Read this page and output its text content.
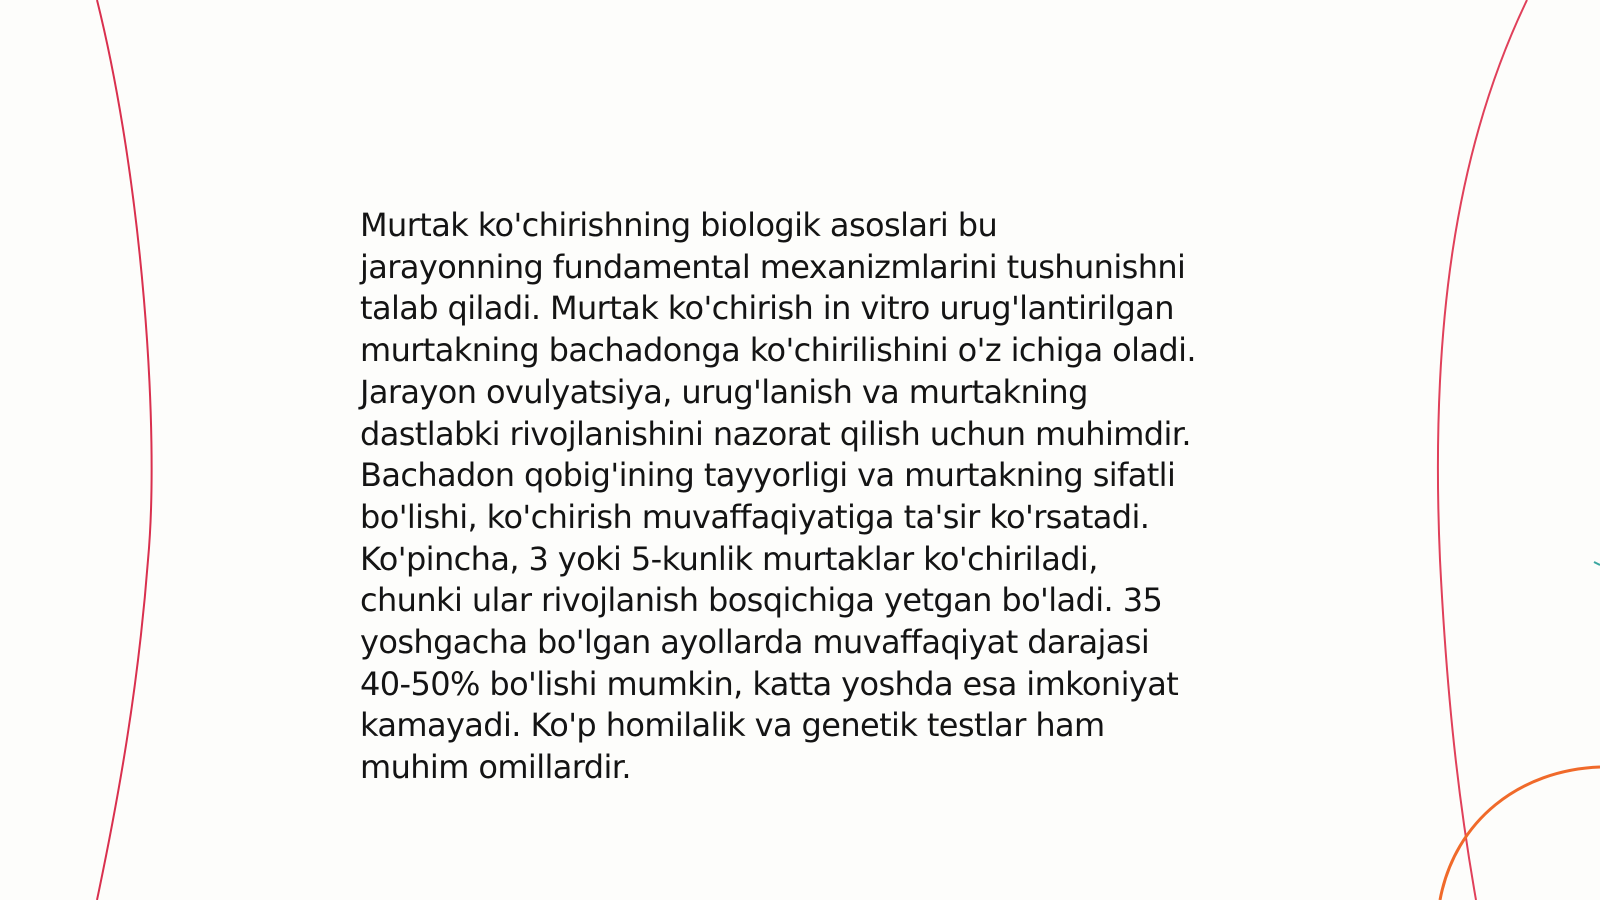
Murtak ko'chirishning biologik asoslari bu
jarayonning fundamental mexanizmlarini tushunishni
talab qiladi. Murtak ko'chirish in vitro urug'lantirilgan
murtakning bachadonga ko'chirilishini o'z ichiga oladi.
Jarayon ovulyatsiya, urug'lanish va murtakning
dastlabki rivojlanishini nazorat qilish uchun muhimdir.
Bachadon qobig'ining tayyorligi va murtakning sifatli
bo'lishi, ko'chirish muvaffaqiyatiga ta'sir ko'rsatadi.
Ko'pincha, 3 yoki 5-kunlik murtaklar ko'chiriladi,
chunki ular rivojlanish bosqichiga yetgan bo'ladi. 35
yoshgacha bo'lgan ayollarda muvaffaqiyat darajasi
40-50% bo'lishi mumkin, katta yoshda esa imkoniyat
kamayadi. Ko'p homilalik va genetik testlar ham
muhim omillardir.
